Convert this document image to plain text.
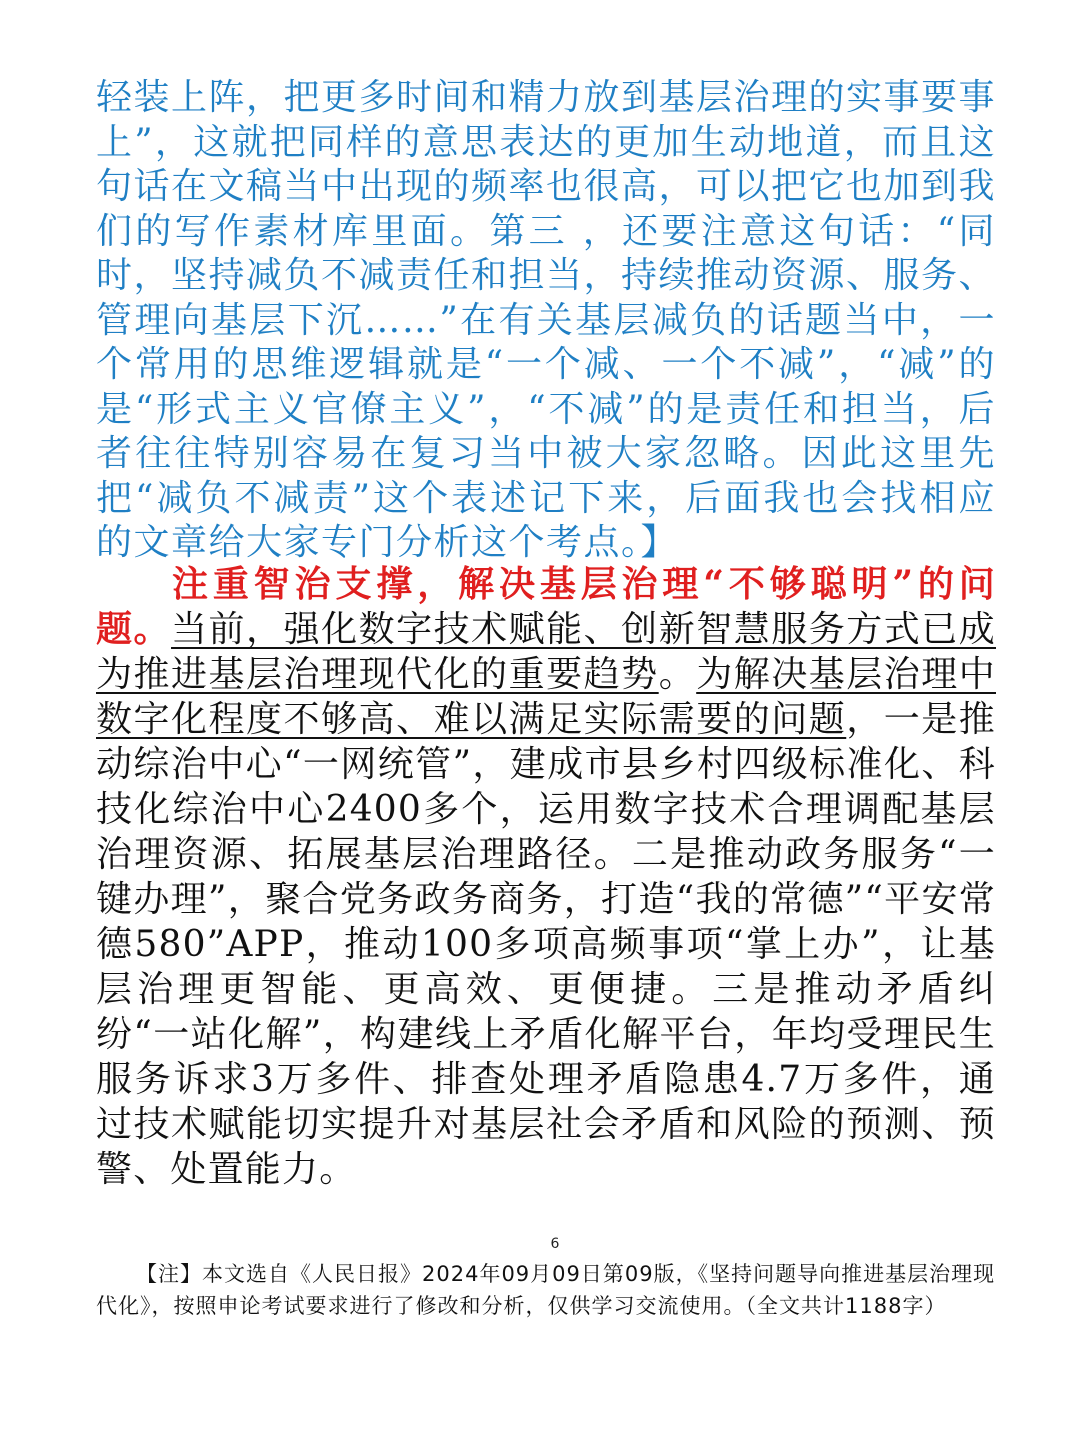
轻装上阵，把更多时间和精力放到基层治理的实事要事上”，这就把同样的意思表达的更加生动地道，而且这句话在文稿当中出现的频率也很高，可以把它也加到我们的写作素材库里面。第三 ，还要注意这句话：“同时，坚持减负不减责任和担当，持续推动资源、服务、管理向基层下沉……”在有关基层减负的话题当中，一个常用的思维逻辑就是“一个减、一个不减”，“减”的是“形式主义官僚主义”，“不减”的是责任和担当，后者往往特别容易在复习当中被大家忽略。因此这里先把“减负不减责”这个表述记下来，后面我也会找相应的文章给大家专门分析这个考点。】
注重智治支撑，解决基层治理“不够聪明”的问题。当前，强化数字技术赋能、创新智慧服务方式已成为推进基层治理现代化的重要趋势。为解决基层治理中数字化程度不够高、难以满足实际需要的问题，一是推动综治中心“一网统管”，建成市县乡村四级标准化、科技化综治中心2400多个，运用数字技术合理调配基层治理资源、拓展基层治理路径。二是推动政务服务“一键办理”，聚合党务政务商务，打造“我的常德”“平安常德580”APP，推动100多项高频事项“掌上办”，让基层治理更智能、更高效、更便捷。三是推动矛盾纠纷“一站化解”，构建线上矛盾化解平台，年均受理民生服务诉求3万多件、排查处理矛盾隐患4.7万多件，通过技术赋能切实提升对基层社会矛盾和风险的预测、预警、处置能力。
6
【注】本文选自《人民日报》2024年09月09日第09版，《坚持问题导向推进基层治理现代化》，按照申论考试要求进行了修改和分析，仅供学习交流使用。（全文共计1188字）
